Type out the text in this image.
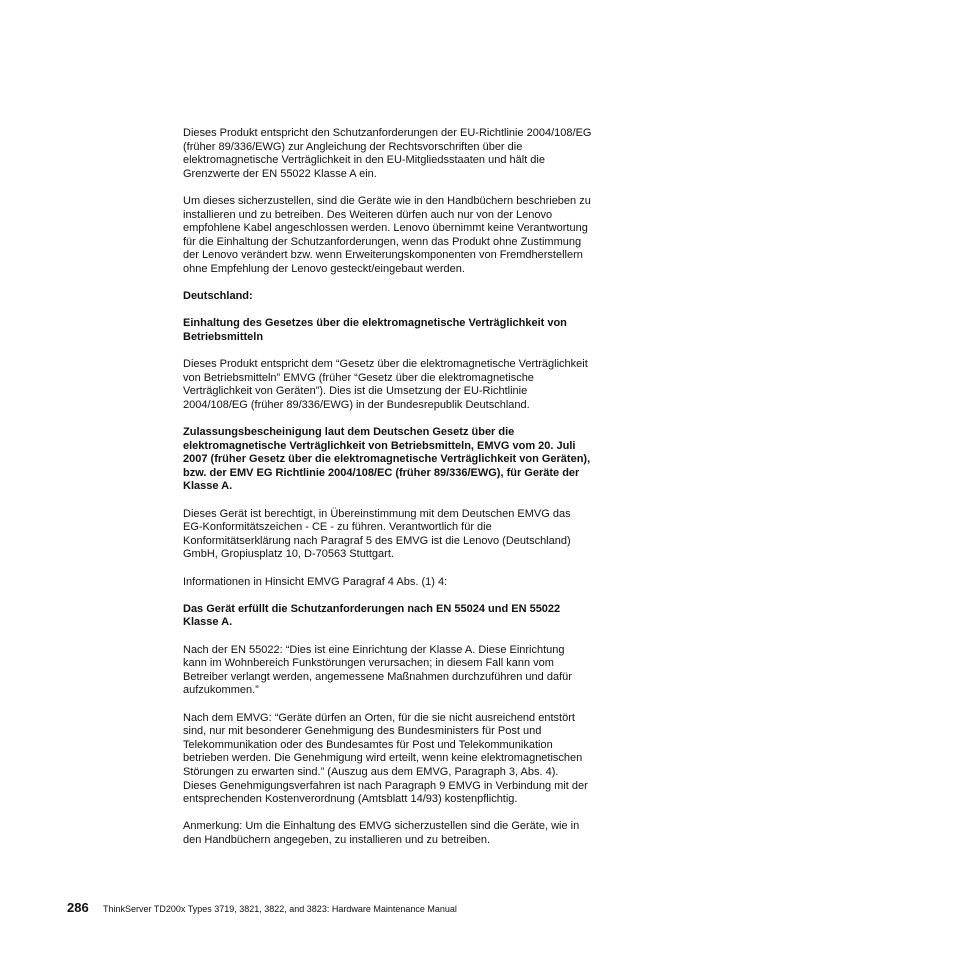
Dieses Produkt entspricht den Schutzanforderungen der EU-Richtlinie 2004/108/EG
(früher 89/336/EWG) zur Angleichung der Rechtsvorschriften über die
elektromagnetische Verträglichkeit in den EU-Mitgliedsstaaten und hält die
Grenzwerte der EN 55022 Klasse A ein.

Um dieses sicherzustellen, sind die Geräte wie in den Handbüchern beschrieben zu
installieren und zu betreiben. Des Weiteren dürfen auch nur von der Lenovo
empfohlene Kabel angeschlossen werden. Lenovo übernimmt keine Verantwortung
für die Einhaltung der Schutzanforderungen, wenn das Produkt ohne Zustimmung
der Lenovo verändert bzw. wenn Erweiterungskomponenten von Fremdherstellern
ohne Empfehlung der Lenovo gesteckt/eingebaut werden.

Deutschland:

Einhaltung des Gesetzes über die elektromagnetische Verträglichkeit von
Betriebsmitteln

Dieses Produkt entspricht dem “Gesetz über die elektromagnetische Verträglichkeit
von Betriebsmitteln” EMVG (früher “Gesetz über die elektromagnetische
Verträglichkeit von Geräten”). Dies ist die Umsetzung der EU-Richtlinie
2004/108/EG (früher 89/336/EWG) in der Bundesrepublik Deutschland.

Zulassungsbescheinigung laut dem Deutschen Gesetz über die
elektromagnetische Verträglichkeit von Betriebsmitteln, EMVG vom 20. Juli
2007 (früher Gesetz über die elektromagnetische Verträglichkeit von Geräten),
bzw. der EMV EG Richtlinie 2004/108/EC (früher 89/336/EWG), für Geräte der
Klasse A.

Dieses Gerät ist berechtigt, in Übereinstimmung mit dem Deutschen EMVG das
EG-Konformitätszeichen - CE - zu führen. Verantwortlich für die
Konformitätserklärung nach Paragraf 5 des EMVG ist die Lenovo (Deutschland)
GmbH, Gropiusplatz 10, D-70563 Stuttgart.

Informationen in Hinsicht EMVG Paragraf 4 Abs. (1) 4:

Das Gerät erfüllt die Schutzanforderungen nach EN 55024 und EN 55022
Klasse A.

Nach der EN 55022: “Dies ist eine Einrichtung der Klasse A. Diese Einrichtung
kann im Wohnbereich Funkstörungen verursachen; in diesem Fall kann vom
Betreiber verlangt werden, angemessene Maßnahmen durchzuführen und dafür
aufzukommen.”

Nach dem EMVG: “Geräte dürfen an Orten, für die sie nicht ausreichend entstört
sind, nur mit besonderer Genehmigung des Bundesministers für Post und
Telekommunikation oder des Bundesamtes für Post und Telekommunikation
betrieben werden. Die Genehmigung wird erteilt, wenn keine elektromagnetischen
Störungen zu erwarten sind.” (Auszug aus dem EMVG, Paragraph 3, Abs. 4).
Dieses Genehmigungsverfahren ist nach Paragraph 9 EMVG in Verbindung mit der
entsprechenden Kostenverordnung (Amtsblatt 14/93) kostenpflichtig.

Anmerkung: Um die Einhaltung des EMVG sicherzustellen sind die Geräte, wie in
den Handbüchern angegeben, zu installieren und zu betreiben.

286 ThinkServer TD200x Types 3719, 3821, 3822, and 3823: Hardware Maintenance Manual
